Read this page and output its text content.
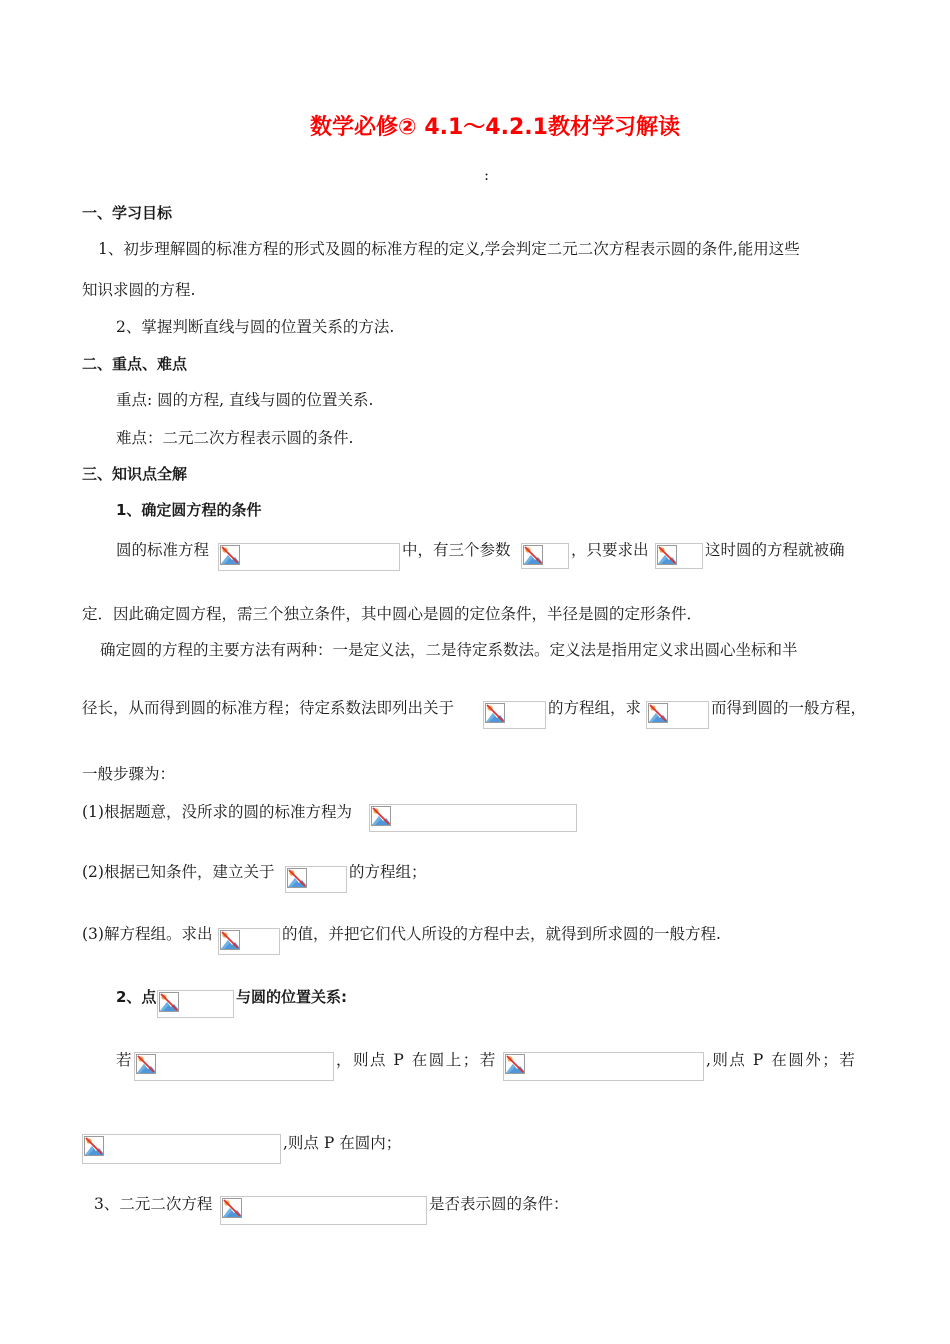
数学必修② 4.1～4.2.1教材学习解读
:
一、学习目标
1、初步理解圆的标准方程的形式及圆的标准方程的定义,学会判定二元二次方程表示圆的条件,能用这些
知识求圆的方程.
2、掌握判断直线与圆的位置关系的方法.
二、重点、难点
重点: 圆的方程, 直线与圆的位置关系.
难点：二元二次方程表示圆的条件.
三、知识点全解
1、确定圆方程的条件
圆的标准方程	中，有三个参数	，只要求出	这时圆的方程就被确
定．因此确定圆方程，需三个独立条件，其中圆心是圆的定位条件，半径是圆的定形条件．
确定圆的方程的主要方法有两种：一是定义法，二是待定系数法。定义法是指用定义求出圆心坐标和半
径长，从而得到圆的标准方程；待定系数法即列出关于	的方程组，求	而得到圆的一般方程，
一般步骤为：
(1)根据题意，没所求的圆的标准方程为
(2)根据已知条件，建立关于	的方程组；
(3)解方程组。求出	的值，并把它们代人所设的方程中去，就得到所求圆的一般方程.
2、点	与圆的位置关系:
若	，则点 P 在圆上；若	,则点 P 在圆外；若
,则点 P 在圆内；
3、二元二次方程	是否表示圆的条件：
